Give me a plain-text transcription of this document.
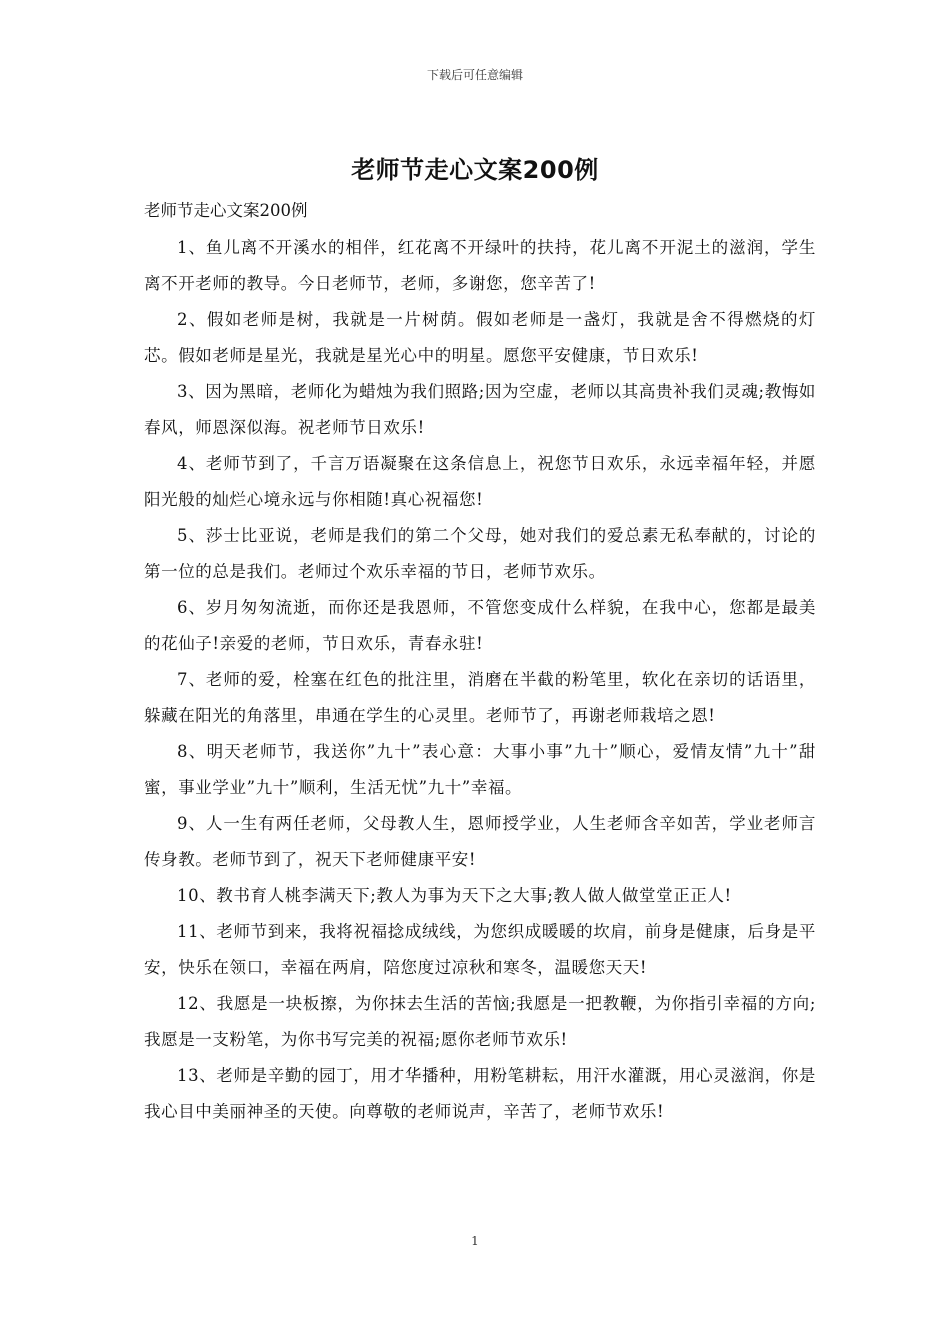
下载后可任意编辑
老师节走心文案200例
老师节走心文案200例

1、鱼儿离不开溪水的相伴，红花离不开绿叶的扶持，花儿离不开泥土的滋润，学生离不开老师的教导。今日老师节，老师，多谢您，您辛苦了!

2、假如老师是树，我就是一片树荫。假如老师是一盏灯，我就是舍不得燃烧的灯芯。假如老师是星光，我就是星光心中的明星。愿您平安健康，节日欢乐!

3、因为黑暗，老师化为蜡烛为我们照路;因为空虚，老师以其高贵补我们灵魂;教悔如春风，师恩深似海。祝老师节日欢乐!

4、老师节到了，千言万语凝聚在这条信息上，祝您节日欢乐，永远幸福年轻，并愿阳光般的灿烂心境永远与你相随!真心祝福您!

5、莎士比亚说，老师是我们的第二个父母，她对我们的爱总素无私奉献的，讨论的第一位的总是我们。老师过个欢乐幸福的节日，老师节欢乐。

6、岁月匆匆流逝，而你还是我恩师，不管您变成什么样貌，在我中心，您都是最美的花仙子!亲爱的老师，节日欢乐，青春永驻!

7、老师的爱，栓塞在红色的批注里，消磨在半截的粉笔里，软化在亲切的话语里，躲藏在阳光的角落里，串通在学生的心灵里。老师节了，再谢老师栽培之恩!

8、明天老师节，我送你”九十”表心意：大事小事”九十”顺心，爱情友情”九十”甜蜜，事业学业”九十”顺利，生活无忧”九十”幸福。

9、人一生有两任老师，父母教人生，恩师授学业，人生老师含辛如苦，学业老师言传身教。老师节到了，祝天下老师健康平安!

10、教书育人桃李满天下;教人为事为天下之大事;教人做人做堂堂正正人!

11、老师节到来，我将祝福捻成绒线，为您织成暖暖的坎肩，前身是健康，后身是平安，快乐在领口，幸福在两肩，陪您度过凉秋和寒冬，温暖您天天!

12、我愿是一块板擦，为你抹去生活的苦恼;我愿是一把教鞭，为你指引幸福的方向;我愿是一支粉笔，为你书写完美的祝福;愿你老师节欢乐!

13、老师是辛勤的园丁，用才华播种，用粉笔耕耘，用汗水灌溉，用心灵滋润，你是我心目中美丽神圣的天使。向尊敬的老师说声，辛苦了，老师节欢乐!

1
